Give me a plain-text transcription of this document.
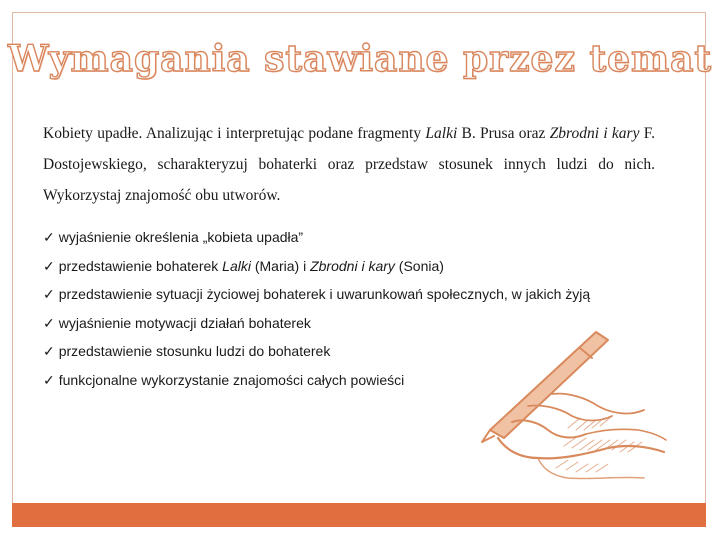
Wymagania stawiane przez temat
Kobiety upadłe. Analizując i interpretując podane fragmenty Lalki B. Prusa oraz Zbrodni i kary F. Dostojewskiego, scharakteryzuj bohaterki oraz przedstaw stosunek innych ludzi do nich. Wykorzystaj znajomość obu utworów.
✓ wyjaśnienie określenia „kobieta upadła”
✓ przedstawienie bohaterek Lalki (Maria) i Zbrodni i kary (Sonia)
✓ przedstawienie sytuacji życiowej bohaterek i uwarunkowań społecznych, w jakich żyją
✓ wyjaśnienie motywacji działań bohaterek
✓ przedstawienie stosunku ludzi do bohaterek
✓ funkcjonalne wykorzystanie znajomości całych powieści
